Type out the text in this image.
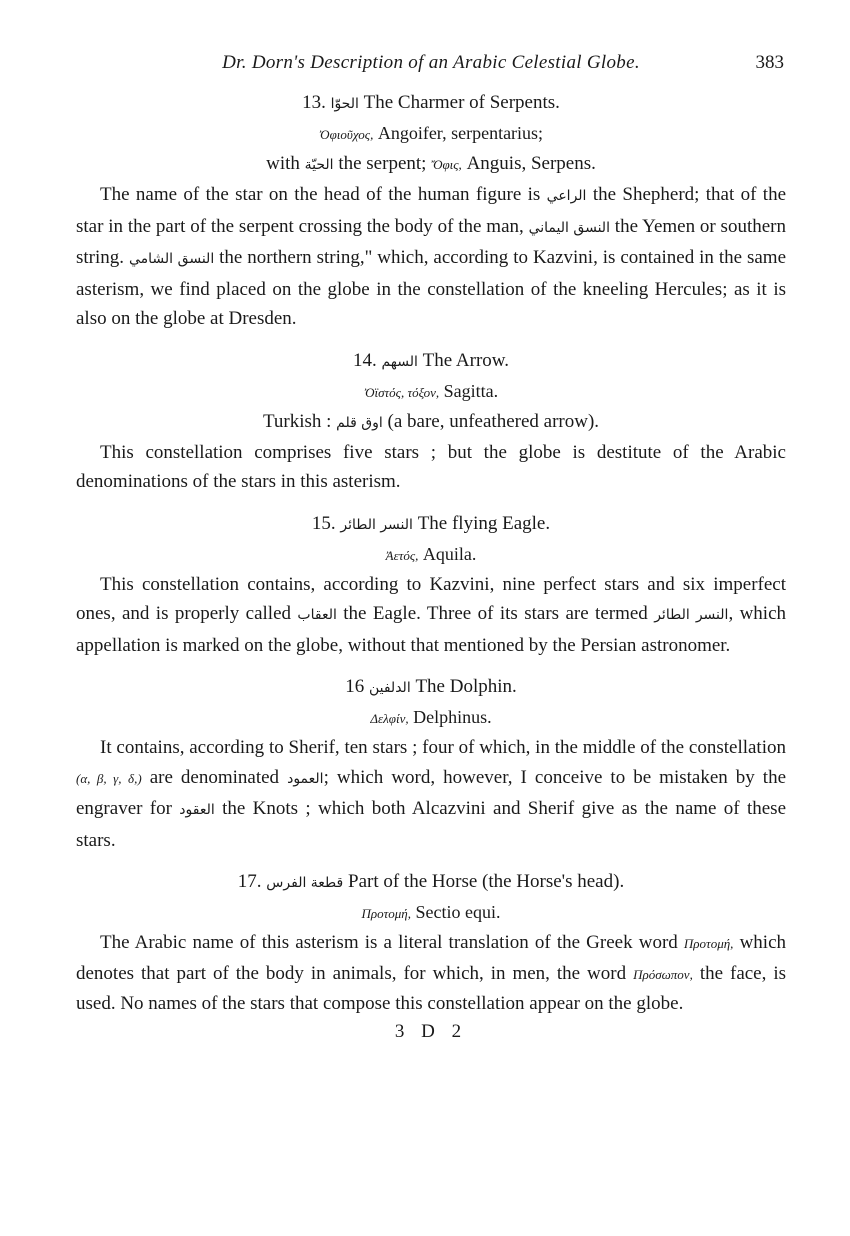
Dr. Dorn's Description of an Arabic Celestial Globe.	383
13. الحوّا The Charmer of Serpents.
Ὀφιοῦχος, Angoifer, serpentarius;
with الحيّة the serpent; Ὄφις, Anguis, Serpens.

The name of the star on the head of the human figure is الراعي the Shepherd; that of the star in the part of the serpent crossing the body of the man, النسق اليماني the Yemen or southern string. النسق الشامي the northern string," which, according to Kazvini, is contained in the same asterism, we find placed on the globe in the constellation of the kneeling Hercules; as it is also on the globe at Dresden.

14. السهم The Arrow.
Ὀϊστός, τόξον, Sagitta.
Turkish : اوق قلم (a bare, unfeathered arrow).

This constellation comprises five stars ; but the globe is destitute of the Arabic denominations of the stars in this asterism.

15. النسر الطائر The flying Eagle.
Ἀετός, Aquila.

This constellation contains, according to Kazvini, nine perfect stars and six imperfect ones, and is properly called العقاب the Eagle. Three of its stars are termed النسر الطائر, which appellation is marked on the globe, without that mentioned by the Persian astronomer.

16 الدلفين The Dolphin.
Δελφίν, Delphinus.

It contains, according to Sherif, ten stars ; four of which, in the middle of the constellation (α, β, γ, δ,) are denominated العمود; which word, however, I conceive to be mistaken by the engraver for العقود the Knots ; which both Alcazvini and Sherif give as the name of these stars.

17. قطعة الفرس Part of the Horse (the Horse's head).
Προτομή, Sectio equi.

The Arabic name of this asterism is a literal translation of the Greek word Προτομή, which denotes that part of the body in animals, for which, in men, the word Πρόσωπον, the face, is used. No names of the stars that compose this constellation appear on the globe.

3 D 2
